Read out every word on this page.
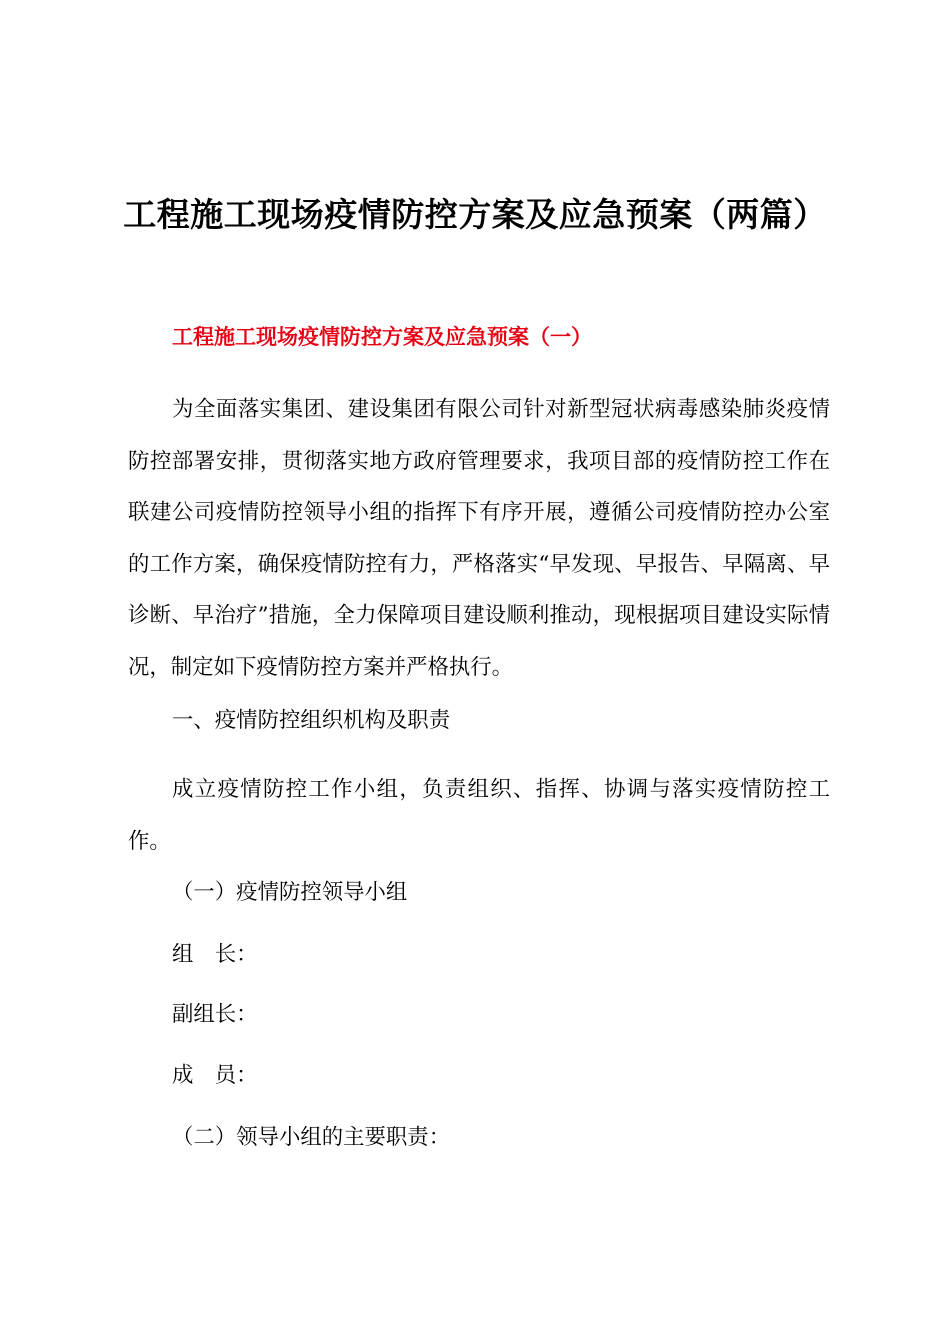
工程施工现场疫情防控方案及应急预案（两篇）
工程施工现场疫情防控方案及应急预案（一）

为全面落实集团、建设集团有限公司针对新型冠状病毒感染肺炎疫情防控部署安排，贯彻落实地方政府管理要求，我项目部的疫情防控工作在联建公司疫情防控领导小组的指挥下有序开展，遵循公司疫情防控办公室的工作方案，确保疫情防控有力，严格落实“早发现、早报告、早隔离、早诊断、早治疗”措施，全力保障项目建设顺利推动，现根据项目建设实际情况，制定如下疫情防控方案并严格执行。

一、疫情防控组织机构及职责

成立疫情防控工作小组，负责组织、指挥、协调与落实疫情防控工作。

（一）疫情防控领导小组

组　长：

副组长：

成　员：

（二）领导小组的主要职责：
